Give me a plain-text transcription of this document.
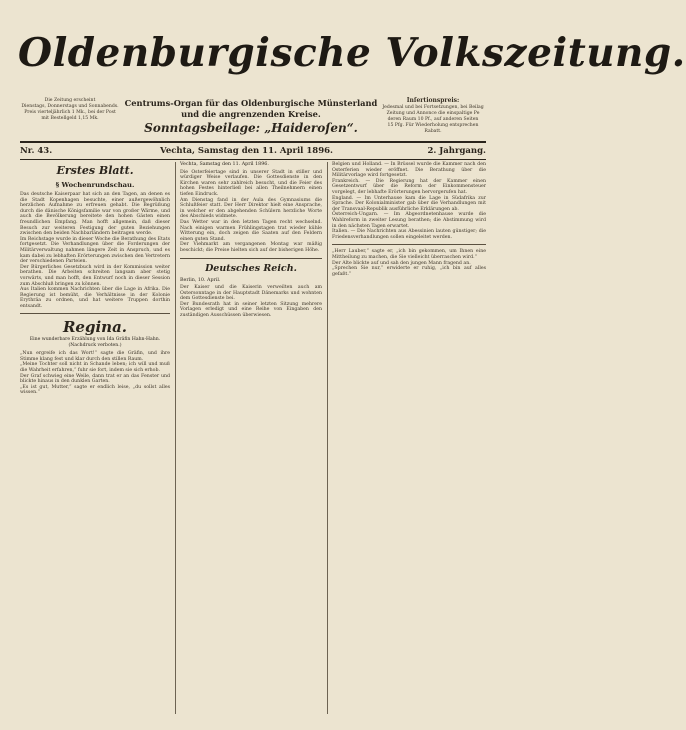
Oldenburgische Volkszeitung.
Die Zeitung erscheint
Dienstags, Donnerstags und Sonnabends.
Preis vierteljährlich 1 Mk., bei der Post
mit Bestellgeld 1,15 Mk.
Centrums-Organ für das Oldenburgische Münsterland
und die angrenzenden Kreise.
Sonntagsbeilage: „Haideroſen“.
Inſertionspreis:
Jedesmal und bei Fortsetzungen, bei Beilag
Zeitung und Annonce die einspaltige Pe
deren Raum 10 Pf., auf anderen Seiten
15 Pfg. Für Wiederholung entsprechen
Rabatt.
Nr. 43.	Vechta, Samstag den 11. April 1896.	2. Jahrgang.
Erstes Blatt.
§ Wochenrundschau.

Das deutsche Kaiserpaar hat sich an den Tagen, an denen es die Stadt Kopenhagen besuchte, einer außergewöhnlich herzlichen Aufnahme zu erfreuen gehabt. Die Begrüßung durch die dänische Königsfamilie war von großer Wärme, und auch die Bevölkerung bereitete den hohen Gästen einen freundlichen Empfang. Man hofft allgemein, daß dieser Besuch zur weiteren Festigung der guten Beziehungen zwischen den beiden Nachbarländern beitragen werde.

Im Reichstage wurde in dieser Woche die Berathung des Etats fortgesetzt. Die Verhandlungen über die Forderungen der Militärverwaltung nahmen längere Zeit in Anspruch, und es kam dabei zu lebhaften Erörterungen zwischen den Vertretern der verschiedenen Parteien.

Der Bürgerliches Gesetzbuch wird in der Kommission weiter berathen. Die Arbeiten schreiten langsam aber stetig vorwärts, und man hofft, den Entwurf noch in dieser Session zum Abschluß bringen zu können.

Aus Italien kommen Nachrichten über die Lage in Afrika. Die Regierung ist bemüht, die Verhältnisse in der Kolonie Erythräa zu ordnen, und hat weitere Truppen dorthin entsandt.

Regina.
Eine wunderbare Erzählung von Ida Gräfin Hahn-Hahn. (Nachdruck verboten.)

„Nun ergreife ich das Wort!“ sagte die Gräfin, und ihre Stimme klang fest und klar durch den stillen Raum.

„Meine Tochter soll nicht in Schande leben; ich will und muß die Wahrheit erfahren,“ fuhr sie fort, indem sie sich erhob.

Der Graf schwieg eine Weile, dann trat er an das Fenster und blickte hinaus in den dunklen Garten.

„Es ist gut, Mutter,“ sagte er endlich leise, „du sollst alles wissen.“

Vechta, Samstag den 11. April 1896.

Die Osterfeiertage sind in unserer Stadt in stiller und würdiger Weise verlaufen. Die Gottesdienste in den Kirchen waren sehr zahlreich besucht, und die Feier des hohen Festes hinterließ bei allen Theilnehmern einen tiefen Eindruck.

Am Dienstag fand in der Aula des Gymnasiums die Schlußfeier statt. Der Herr Direktor hielt eine Ansprache, in welcher er den abgehenden Schülern herzliche Worte des Abschieds widmete.

Das Wetter war in den letzten Tagen recht wechselnd. Nach einigen warmen Frühlingstagen trat wieder kühle Witterung ein, doch zeigen die Saaten auf den Feldern einen guten Stand.

Der Viehmarkt am vergangenen Montag war mäßig beschickt; die Preise hielten sich auf der bisherigen Höhe.

Deutsches Reich.

Berlin, 10. April.

Der Kaiser und die Kaiserin verweilten auch am Ostersonntage in der Hauptstadt Dänemarks und wohnten dem Gottesdienste bei.

Der Bundesrath hat in seiner letzten Sitzung mehrere Vorlagen erledigt und eine Reihe von Eingaben den zuständigen Ausschüssen überwiesen.

Belgien und Holland. — In Brüssel wurde die Kammer nach den Osterferien wieder eröffnet. Die Berathung über die Militärvorlage wird fortgesetzt.

Frankreich. — Die Regierung hat der Kammer einen Gesetzentwurf über die Reform der Einkommensteuer vorgelegt, der lebhafte Erörterungen hervorgerufen hat.

England. — Im Unterhause kam die Lage in Südafrika zur Sprache. Der Kolonialminister gab über die Verhandlungen mit der Transvaal-Republik ausführliche Erklärungen ab.

Österreich-Ungarn. — Im Abgeordnetenhause wurde die Wahlreform in zweiter Lesung berathen; die Abstimmung wird in den nächsten Tagen erwartet.

Italien. — Die Nachrichten aus Abessinien lauten günstiger; die Friedensverhandlungen sollen eingeleitet werden.

„Herr Lauber,“ sagte er, „ich bin gekommen, um Ihnen eine Mittheilung zu machen, die Sie vielleicht überraschen wird.“

Der Alte blickte auf und sah den jungen Mann fragend an.

„Sprechen Sie nur,“ erwiderte er ruhig, „ich bin auf alles gefaßt.“
